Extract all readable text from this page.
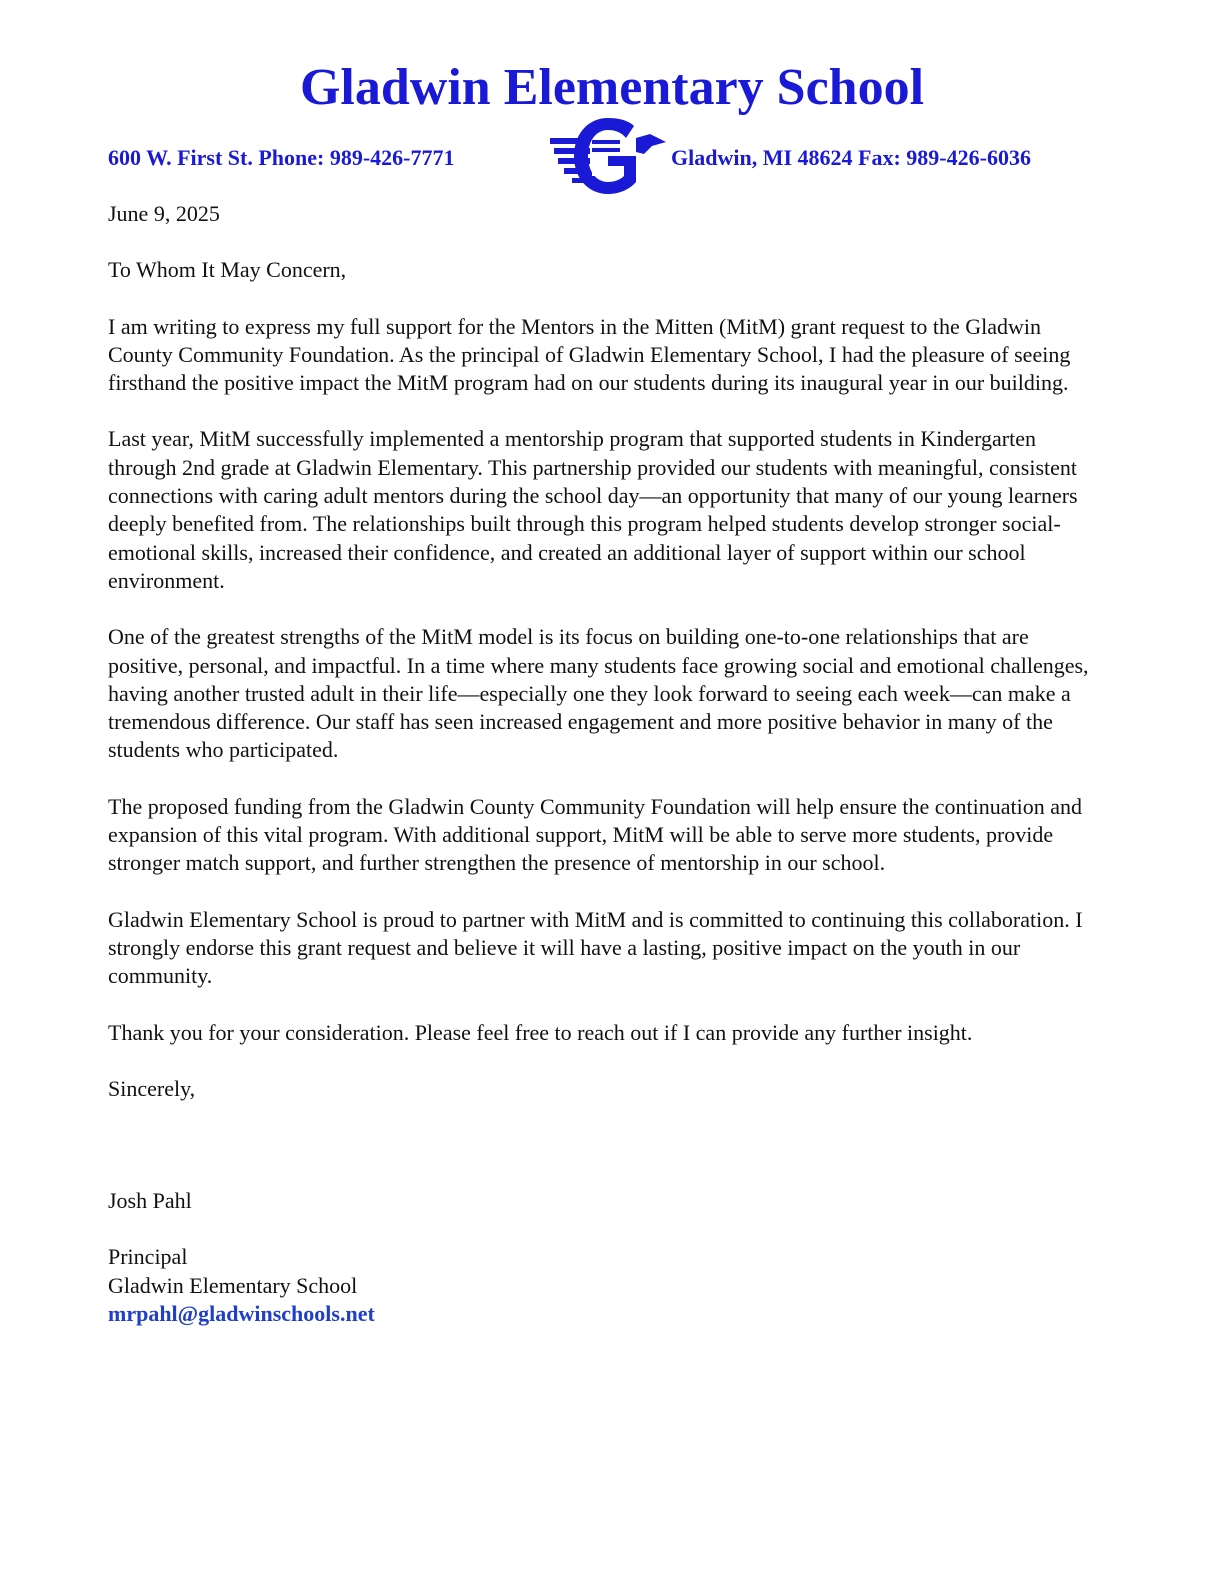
Gladwin Elementary School
600 W. First St. Phone: 989-426-7771	Gladwin, MI 48624 Fax: 989-426-6036

June 9, 2025

To Whom It May Concern,

I am writing to express my full support for the Mentors in the Mitten (MitM) grant request to the Gladwin County Community Foundation. As the principal of Gladwin Elementary School, I had the pleasure of seeing firsthand the positive impact the MitM program had on our students during its inaugural year in our building.

Last year, MitM successfully implemented a mentorship program that supported students in Kindergarten through 2nd grade at Gladwin Elementary. This partnership provided our students with meaningful, consistent connections with caring adult mentors during the school day—an opportunity that many of our young learners deeply benefited from. The relationships built through this program helped students develop stronger social-emotional skills, increased their confidence, and created an additional layer of support within our school environment.

One of the greatest strengths of the MitM model is its focus on building one-to-one relationships that are positive, personal, and impactful. In a time where many students face growing social and emotional challenges, having another trusted adult in their life—especially one they look forward to seeing each week—can make a tremendous difference. Our staff has seen increased engagement and more positive behavior in many of the students who participated.

The proposed funding from the Gladwin County Community Foundation will help ensure the continuation and expansion of this vital program. With additional support, MitM will be able to serve more students, provide stronger match support, and further strengthen the presence of mentorship in our school.

Gladwin Elementary School is proud to partner with MitM and is committed to continuing this collaboration. I strongly endorse this grant request and believe it will have a lasting, positive impact on the youth in our community.

Thank you for your consideration. Please feel free to reach out if I can provide any further insight.

Sincerely,

Josh Pahl

Principal

Gladwin Elementary School

mrpahl@gladwinschools.net
